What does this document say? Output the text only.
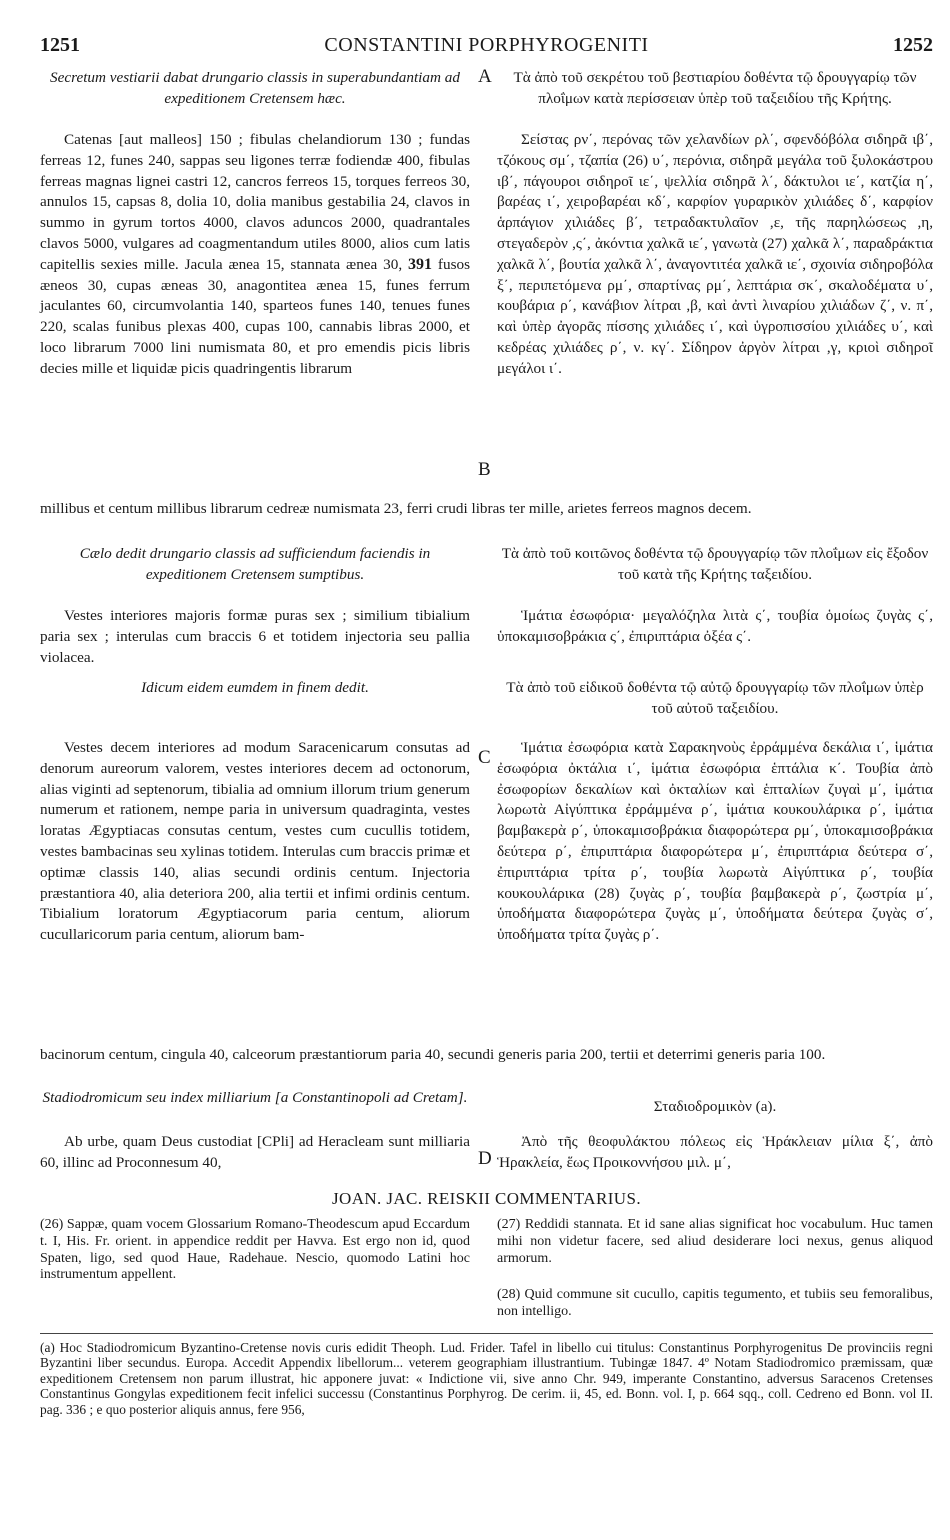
1251	CONSTANTINI PORPHYROGENITI	1252
A
B
C
D

Secretum vestiarii dabat drungario classis in superabundantiam ad expeditionem Cretensem hæc.

Τὰ ἀπὸ τοῦ σεκρέτου τοῦ βεστιαρίου δοθέντα τῷ δρουγγαρίῳ τῶν πλοΐμων κατὰ περίσσειαν ὑπὲρ τοῦ ταξειδίου τῆς Κρήτης.

Catenas [aut malleos] 150 ; fibulas chelandiorum 130 ; fundas ferreas 12, funes 240, sappas seu ligones terræ fodiendæ 400, fibulas ferreas magnas lignei castri 12, cancros ferreos 15, torques ferreos 30, annulos 15, capsas 8, dolia 10, dolia manibus gestabilia 24, clavos in summo in gyrum tortos 4000, clavos aduncos 2000, quadrantales clavos 5000, vulgares ad coagmentandum utiles 8000, alios cum latis capitellis sexies mille. Jacula ænea 15, stannata ænea 30, 391 fusos æneos 30, cupas æneas 30, anagontitea ænea 15, funes ferrum jaculantes 60, circumvolantia 140, sparteos funes 140, tenues funes 220, scalas funibus plexas 400, cupas 100, cannabis libras 2000, et loco librarum 7000 lini numismata 80, et pro emendis picis libris decies mille et liquidæ picis quadringentis librarum

Σείστας ρν΄, περόνας τῶν χελανδίων ρλ΄, σφενδόβόλα σιδηρᾶ ιβ΄, τζόκους σμ΄, τζαπία (26) υ΄, περόνια, σιδηρᾶ μεγάλα τοῦ ξυλοκάστρου ιβ΄, πάγουροι σιδηροῖ ιε΄, ψελλία σιδηρᾶ λ΄, δάκτυλοι ιε΄, κατζία η΄, βαρέας ι΄, χειροβαρέαι κδ΄, καρφίον γυραρικὸν χιλιάδες δ΄, καρφίον ἁρπάγιον χιλιάδες β΄, τετραδακτυλαῖον ,ε, τῆς παρηλώσεως ,η, στεγαδερὸν ,ς΄, ἀκόντια χαλκᾶ ιε΄, γανωτὰ (27) χαλκᾶ λ΄, παραδράκτια χαλκᾶ λ΄, βουτία χαλκᾶ λ΄, ἀναγοντιτέα χαλκᾶ ιε΄, σχοινία σιδηροβόλα ξ΄, περιπετόμενα ρμ΄, σπαρτίνας ρμ΄, λεπτάρια σκ΄, σκαλοδέματα υ΄, κουβάρια ρ΄, κανάβιον λίτραι ,β, καὶ ἀντὶ λιναρίου χιλιάδων ζ΄, ν. π΄, καὶ ὑπὲρ ἀγορᾶς πίσσης χιλιάδες ι΄, καὶ ὑγροπισσίου χιλιάδες υ΄, καὶ κεδρέας χιλιάδες ρ΄, ν. κγ΄. Σίδηρον ἀργὸν λίτραι ,γ, κριοὶ σιδηροῖ μεγάλοι ι΄.

millibus et centum millibus librarum cedreæ numismata 23, ferri crudi libras ter mille, arietes ferreos magnos decem.

Cælo dedit drungario classis ad sufficiendum faciendis in expeditionem Cretensem sumptibus.

Τὰ ἀπὸ τοῦ κοιτῶνος δοθέντα τῷ δρουγγαρίῳ τῶν πλοΐμων εἰς ἔξοδον τοῦ κατὰ τῆς Κρήτης ταξειδίου.

Vestes interiores majoris formæ puras sex ; similium tibialium paria sex ; interulas cum braccis 6 et totidem injectoria seu pallia violacea.

Ἱμάτια ἐσωφόρια· μεγαλόζηλα λιτὰ ς΄, τουβία ὁμοίως ζυγὰς ς΄, ὑποκαμισοβράκια ς΄, ἐπιριπτάρια ὀξέα ς΄.

Idicum eidem eumdem in finem dedit.	Τὰ ἀπὸ τοῦ εἰδικοῦ δοθέντα τῷ αὐτῷ δρουγγαρίῳ τῶν πλοΐμων ὑπὲρ τοῦ αὐτοῦ ταξειδίου.

Vestes decem interiores ad modum Saracenicarum consutas ad denorum aureorum valorem, vestes interiores decem ad octonorum, alias viginti ad septenorum, tibialia ad omnium illorum trium generum numerum et rationem, nempe paria in universum quadraginta, vestes loratas Ægyptiacas consutas centum, vestes cum cucullis totidem, vestes bambacinas seu xylinas totidem. Interulas cum braccis primæ et optimæ classis 140, alias secundi ordinis centum. Injectoria præstantiora 40, alia deteriora 200, alia tertii et infimi ordinis centum. Tibialium loratorum Ægyptiacorum paria centum, aliorum cucullaricorum paria centum, aliorum bam-

Ἱμάτια ἐσωφόρια κατὰ Σαρακηνοὺς ἐρράμμένα δεκάλια ι΄, ἱμάτια ἐσωφόρια ὀκτάλια ι΄, ἱμάτια ἐσωφόρια ἑπτάλια κ΄. Τουβία ἀπὸ ἐσωφορίων δεκαλίων καὶ ὀκταλίων καὶ ἑπταλίων ζυγαὶ μ΄, ἱμάτια λωρωτὰ Αἰγύπτικα ἐρράμμένα ρ΄, ἱμάτια κουκουλάρικα ρ΄, ἱμάτια βαμβακερὰ ρ΄, ὑποκαμισοβράκια διαφορώτερα ρμ΄, ὑποκαμισοβράκια δεύτερα ρ΄, ἐπιριπτάρια διαφορώτερα μ΄, ἐπιριπτάρια δεύτερα σ΄, ἐπιριπτάρια τρίτα ρ΄, τουβία λωρωτὰ Αἰγύπτικα ρ΄, τουβία κουκουλάρικα (28) ζυγὰς ρ΄, τουβία βαμβακερὰ ρ΄, ζωστρία μ΄, ὑποδήματα διαφορώτερα ζυγὰς μ΄, ὑποδήματα δεύτερα ζυγὰς σ΄, ὑποδήματα τρίτα ζυγὰς ρ΄.

bacinorum centum, cingula 40, calceorum præstantiorum paria 40, secundi generis paria 200, tertii et deterrimi generis paria 100.

Stadiodromicum seu index milliarium [a Constantinopoli ad Cretam].

Σταδιοδρομικὸν (a).

Ab urbe, quam Deus custodiat [CPli] ad Heracleam sunt milliaria 60, illinc ad Proconnesum 40,

Ἀπὸ τῆς θεοφυλάκτου πόλεως εἰς Ἡράκλειαν μίλια ξ΄, ἀπὸ Ἡρακλεία, ἕως Προικοννήσου μιλ. μ΄,

JOAN. JAC. REISKII COMMENTARIUS.

(26) Sappæ, quam vocem Glossarium Romano-Theodescum apud Eccardum t. I, His. Fr. orient. in appendice reddit per Havva. Est ergo non id, quod Spaten, ligo, sed quod Haue, Radehaue. Nescio, quomodo Latini hoc instrumentum appellent.

(27) Reddidi stannata. Et id sane alias significat hoc vocabulum. Huc tamen mihi non videtur facere, sed aliud desiderare loci nexus, genus aliquod armorum.

(28) Quid commune sit cucullo, capitis tegumento, et tubiis seu femoralibus, non intelligo.

(a) Hoc Stadiodromicum Byzantino-Cretense novis curis edidit Theoph. Lud. Frider. Tafel in libello cui titulus: Constantinus Porphyrogenitus De provinciis regni Byzantini liber secundus. Europa. Accedit Appendix libellorum... veterem geographiam illustrantium. Tubingæ 1847. 4º Notam Stadiodromico præmissam, quæ expeditionem Cretensem non parum illustrat, hic apponere juvat: « Indictione vii, sive anno Chr. 949, imperante Constantino, adversus Saracenos Cretenses Constantinus Gongylas expeditionem fecit infelici successu (Constantinus Porphyrog. De cerim. ii, 45, ed. Bonn. vol. I, p. 664 sqq., coll. Cedreno ed Bonn. vol II. pag. 336 ; e quo posterior aliquis annus, fere 956,
